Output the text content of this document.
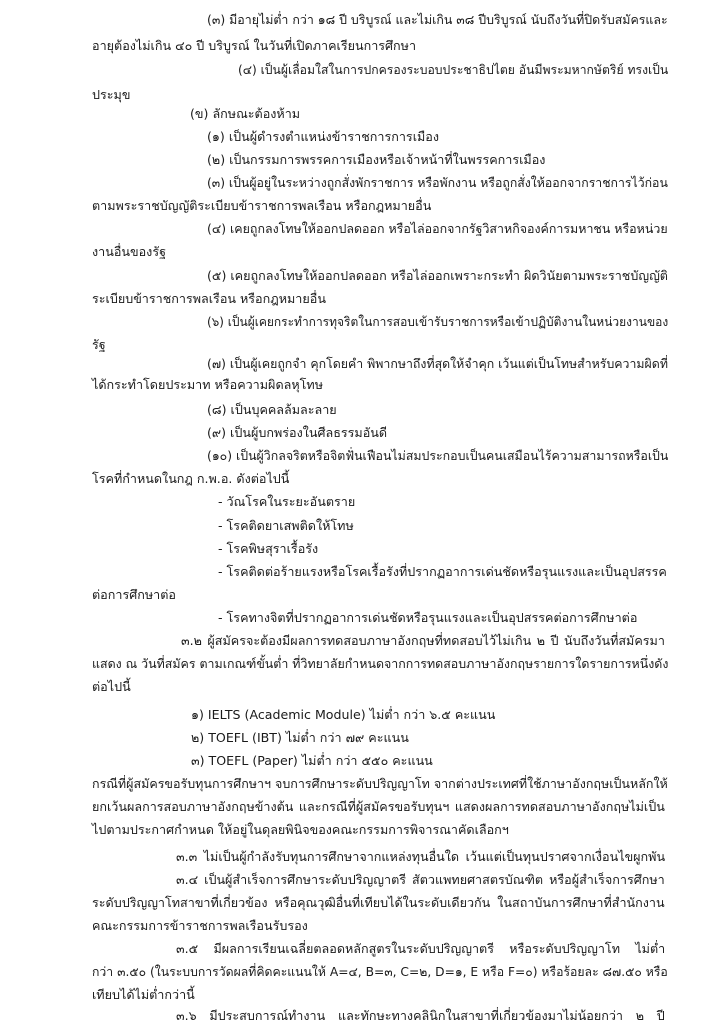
(๓) มีอายุไม่ต่ำ กว่า ๑๘ ปี บริบูรณ์ และไม่เกิน ๓๘ ปีบริบูรณ์ นับถึงวันที่ปิดรับสมัครและ
อายุต้องไม่เกิน ๔๐ ปี บริบูรณ์ ในวันที่เปิดภาคเรียนการศึกษา
(๔) เป็นผู้เลื่อมใสในการปกครองระบอบประชาธิปไตย อันมีพระมหากษัตริย์ ทรงเป็น
ประมุข
(ข) ลักษณะต้องห้าม
(๑) เป็นผู้ดำรงตำแหน่งข้าราชการการเมือง
(๒) เป็นกรรมการพรรคการเมืองหรือเจ้าหน้าที่ในพรรคการเมือง
(๓) เป็นผู้อยู่ในระหว่างถูกสั่งพักราชการ หรือพักงาน หรือถูกสั่งให้ออกจากราชการไว้ก่อน
ตามพระราชบัญญัติระเบียบข้าราชการพลเรือน หรือกฎหมายอื่น
(๔) เคยถูกลงโทษให้ออกปลดออก หรือไล่ออกจากรัฐวิสาหกิจองค์การมหาชน หรือหน่วย
งานอื่นของรัฐ
(๕) เคยถูกลงโทษให้ออกปลดออก หรือไล่ออกเพราะกระทำ ผิดวินัยตามพระราชบัญญัติ
ระเบียบข้าราชการพลเรือน หรือกฎหมายอื่น
(๖) เป็นผู้เคยกระทำการทุจริตในการสอบเข้ารับราชการหรือเข้าปฏิบัติงานในหน่วยงานของ
รัฐ
(๗) เป็นผู้เคยถูกจำ คุกโดยคำ พิพากษาถึงที่สุดให้จำคุก เว้นแต่เป็นโทษสำหรับความผิดที่
ได้กระทำโดยประมาท หรือความผิดลหุโทษ
(๘) เป็นบุคคลล้มละลาย
(๙) เป็นผู้บกพร่องในศีลธรรมอันดี
(๑๐) เป็นผู้วิกลจริตหรือจิตฟั่นเฟือนไม่สมประกอบเป็นคนเสมือนไร้ความสามารถหรือเป็น
โรคที่กำหนดในกฎ ก.พ.อ. ดังต่อไปนี้
- วัณโรคในระยะอันตราย
- โรคติดยาเสพติดให้โทษ
- โรคพิษสุราเรื้อรัง
- โรคติดต่อร้ายแรงหรือโรคเรื้อรังที่ปรากฏอาการเด่นชัดหรือรุนแรงและเป็นอุปสรรค
ต่อการศึกษาต่อ
- โรคทางจิตที่ปรากฏอาการเด่นชัดหรือรุนแรงและเป็นอุปสรรคต่อการศึกษาต่อ
๓.๒ ผู้สมัครจะต้องมีผลการทดสอบภาษาอังกฤษที่ทดสอบไว้ไม่เกิน ๒ ปี นับถึงวันที่สมัครมา
แสดง ณ วันที่สมัคร ตามเกณฑ์ขั้นต่ำ ที่วิทยาลัยกำหนดจากการทดสอบภาษาอังกฤษรายการใดรายการหนึ่งดัง
ต่อไปนี้
๑) IELTS (Academic Module) ไม่ต่ำ กว่า ๖.๕ คะแนน
๒) TOEFL (IBT) ไม่ต่ำ กว่า ๗๙ คะแนน
๓) TOEFL (Paper) ไม่ต่ำ กว่า ๕๕๐ คะแนน
กรณีที่ผู้สมัครขอรับทุนการศึกษาฯ จบการศึกษาระดับปริญญาโท จากต่างประเทศที่ใช้ภาษาอังกฤษเป็นหลักให้
ยกเว้นผลการสอบภาษาอังกฤษข้างต้น และกรณีที่ผู้สมัครขอรับทุนฯ แสดงผลการทดสอบภาษาอังกฤษไม่เป็น
ไปตามประกาศกำหนด ให้อยู่ในดุลยพินิจของคณะกรรมการพิจารณาคัดเลือกฯ
๓.๓ ไม่เป็นผู้กำลังรับทุนการศึกษาจากแหล่งทุนอื่นใด เว้นแต่เป็นทุนปราศจากเงื่อนไขผูกพัน
๓.๔ เป็นผู้สำเร็จการศึกษาระดับปริญญาตรี สัตวแพทยศาสตรบัณฑิต หรือผู้สำเร็จการศึกษา
ระดับปริญญาโทสาขาที่เกี่ยวข้อง หรือคุณวุฒิอื่นที่เทียบได้ในระดับเดียวกัน ในสถาบันการศึกษาที่สำนักงาน
คณะกรรมการข้าราชการพลเรือนรับรอง
๓.๕ มีผลการเรียนเฉลี่ยตลอดหลักสูตรในระดับปริญญาตรี หรือระดับปริญญาโท ไม่ต่ำ
กว่า ๓.๕๐ (ในระบบการวัดผลที่คิดคะแนนให้ A=๔, B=๓, C=๒, D=๑, E หรือ F=๐) หรือร้อยละ ๘๗.๕๐ หรือ
เทียบได้ไม่ต่ำกว่านี้
๓.๖ มีประสบการณ์ทำงาน และทักษะทางคลินิกในสาขาที่เกี่ยวข้องมาไม่น้อยกว่า ๒ ปี
